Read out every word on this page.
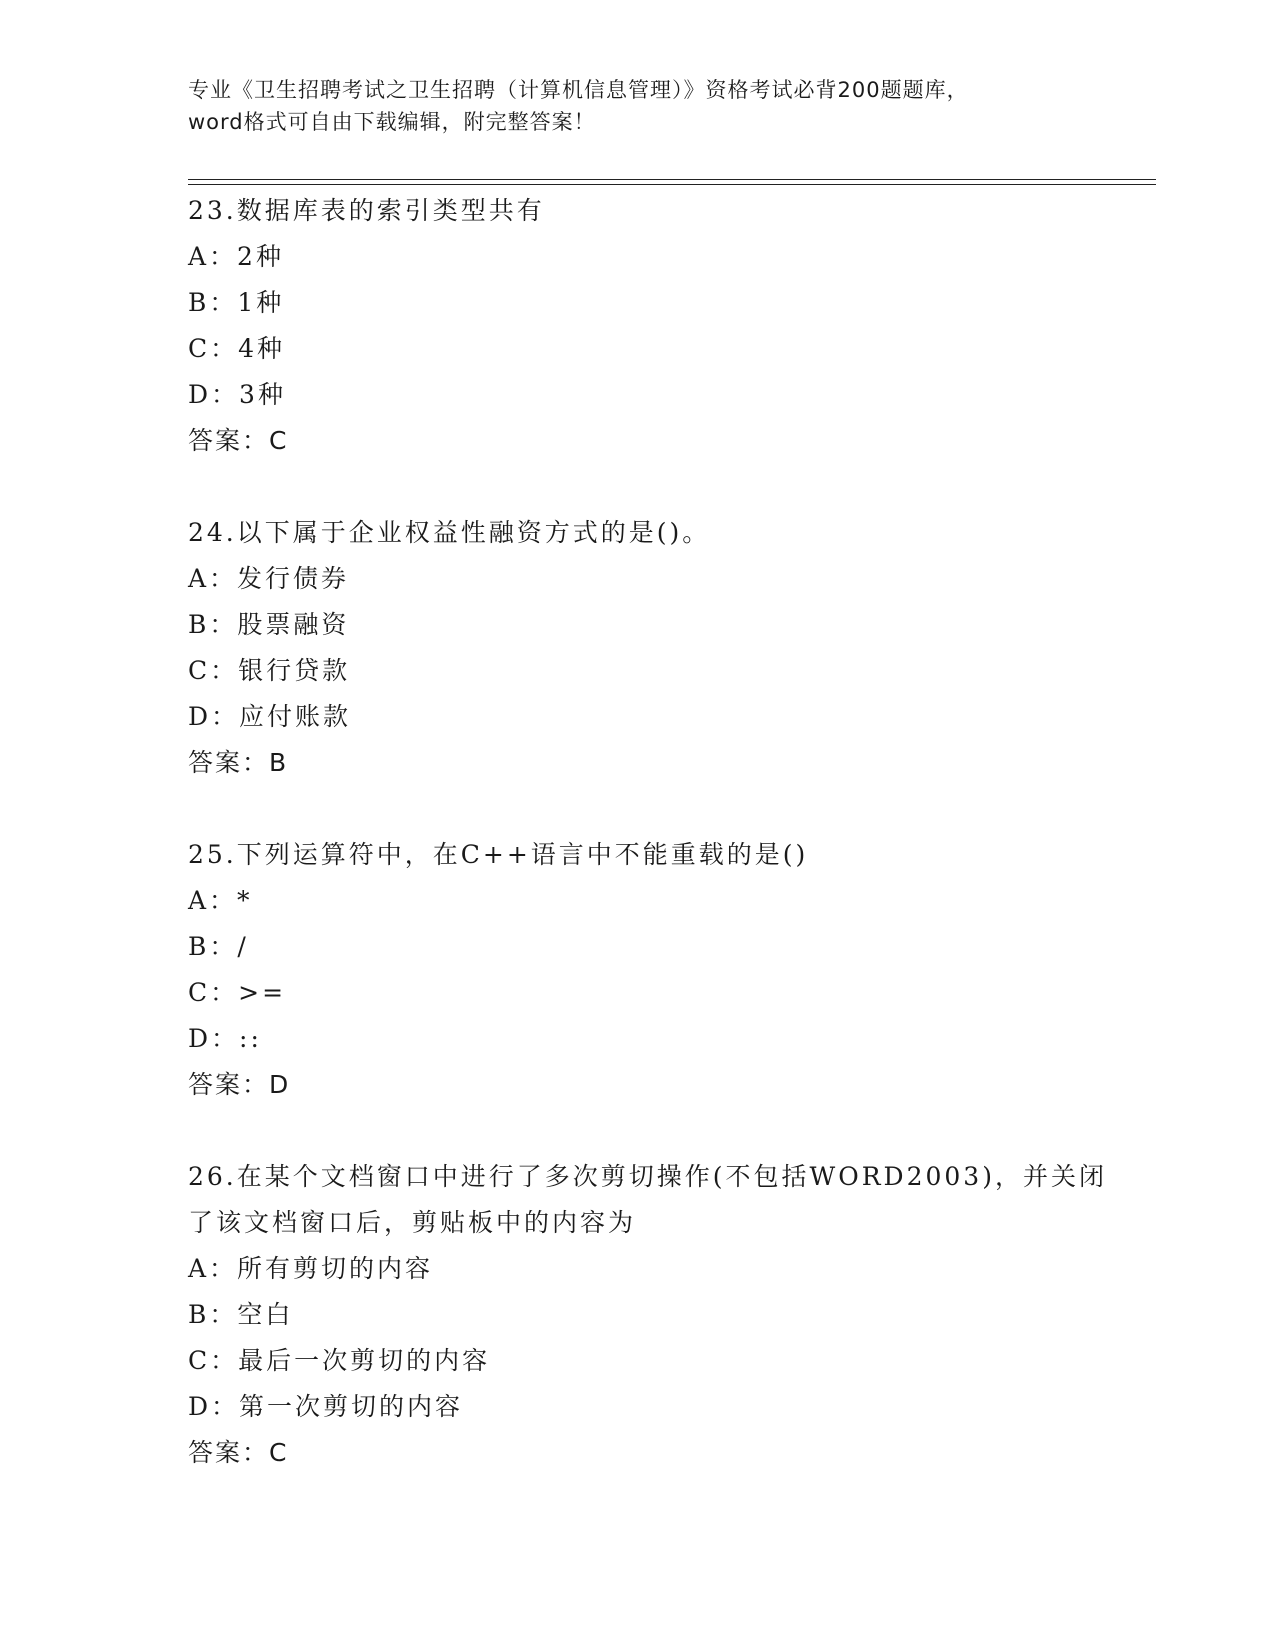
专业《卫生招聘考试之卫生招聘（计算机信息管理）》资格考试必背200题题库，
word格式可自由下载编辑，附完整答案！
23.数据库表的索引类型共有
A：2种
B：1种
C：4种
D：3种
答案：C
24.以下属于企业权益性融资方式的是()。
A：发行债券
B：股票融资
C：银行贷款
D：应付账款
答案：B
25.下列运算符中，在C++语言中不能重载的是()
A：*
B：/
C：>=
D：::
答案：D
26.在某个文档窗口中进行了多次剪切操作(不包括WORD2003)，并关闭
了该文档窗口后，剪贴板中的内容为
A：所有剪切的内容
B：空白
C：最后一次剪切的内容
D：第一次剪切的内容
答案：C
